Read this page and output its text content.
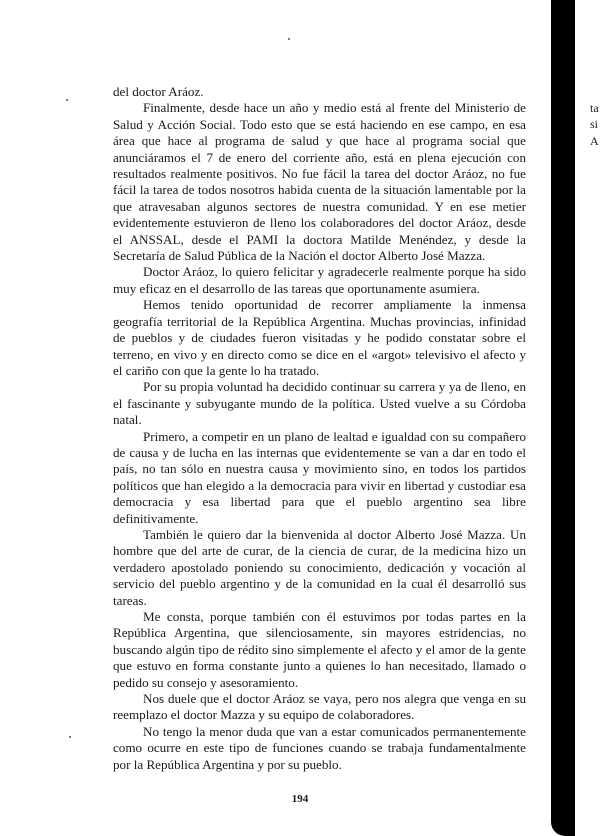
del doctor Aráoz.

Finalmente, desde hace un año y medio está al frente del Ministerio de Salud y Acción Social. Todo esto que se está haciendo en ese campo, en esa área que hace al programa de salud y que hace al programa social que anunciáramos el 7 de enero del corriente año, está en plena ejecución con resultados realmente positivos. No fue fácil la tarea del doctor Aráoz, no fue fácil la tarea de todos nosotros habida cuenta de la situación lamentable por la que atravesaban algunos sectores de nuestra comunidad. Y en ese metier evidentemente estuvieron de lleno los colaboradores del doctor Aráoz, desde el ANSSAL, desde el PAMI la doctora Matilde Menéndez, y desde la Secretaría de Salud Pública de la Nación el doctor Alberto José Mazza.

Doctor Aráoz, lo quiero felicitar y agradecerle realmente porque ha sido muy eficaz en el desarrollo de las tareas que oportunamente asumiera.

Hemos tenido oportunidad de recorrer ampliamente la inmensa geografía territorial de la República Argentina. Muchas provincias, infinidad de pueblos y de ciudades fueron visitadas y he podido constatar sobre el terreno, en vivo y en directo como se dice en el «argot» televisivo el afecto y el cariño con que la gente lo ha tratado.

Por su propia voluntad ha decidido continuar su carrera y ya de lleno, en el fascinante y subyugante mundo de la política. Usted vuelve a su Córdoba natal.

Primero, a competir en un plano de lealtad e igualdad con su compañero de causa y de lucha en las internas que evidentemente se van a dar en todo el país, no tan sólo en nuestra causa y movimiento sino, en todos los partidos políticos que han elegido a la democracia para vivir en libertad y custodiar esa democracia y esa libertad para que el pueblo argentino sea libre definitivamente.

También le quiero dar la bienvenida al doctor Alberto José Mazza. Un hombre que del arte de curar, de la ciencia de curar, de la medicina hizo un verdadero apostolado poniendo su conocimiento, dedicación y vocación al servicio del pueblo argentino y de la comunidad en la cual él desarrolló sus tareas.

Me consta, porque también con él estuvimos por todas partes en la República Argentina, que silenciosamente, sin mayores estridencias, no buscando algún tipo de rédito sino simplemente el afecto y el amor de la gente que estuvo en forma constante junto a quienes lo han necesitado, llamado o pedido su consejo y asesoramiento.

Nos duele que el doctor Aráoz se vaya, pero nos alegra que venga en su reemplazo el doctor Mazza y su equipo de colaboradores.

No tengo la menor duda que van a estar comunicados permanentemente como ocurre en este tipo de funciones cuando se trabaja fundamentalmente por la República Argentina y por su pueblo.

194
ta
si
A
